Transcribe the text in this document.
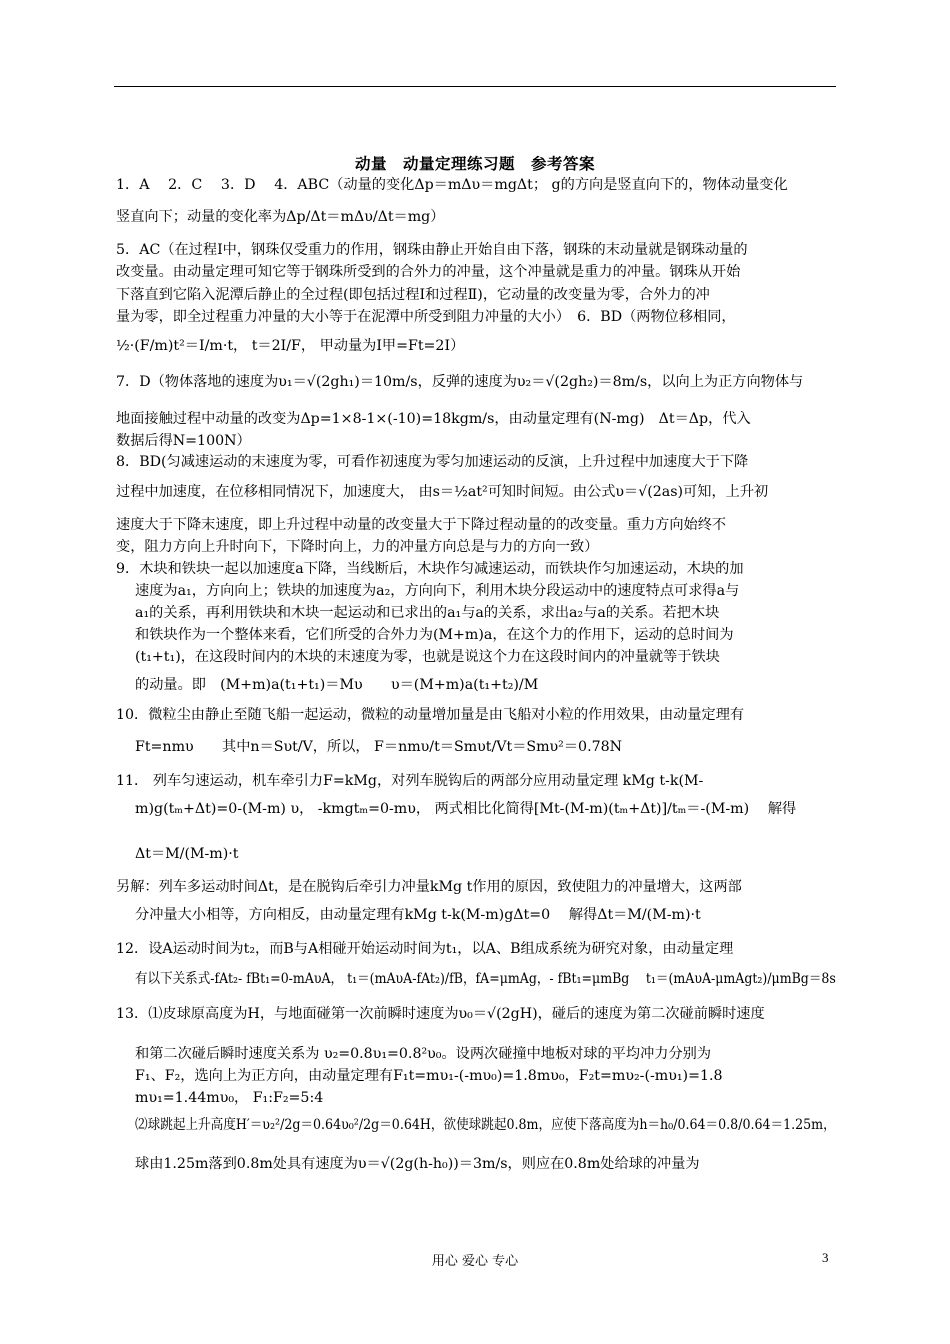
动量　动量定理练习题　参考答案
1．A　 2．C　 3．D　 4．ABC（动量的变化Δp＝mΔυ＝mgΔt； g的方向是竖直向下的，物体动量变化
竖直向下；动量的变化率为Δp/Δt＝mΔυ/Δt＝mg）
5．AC（在过程Ⅰ中，钢珠仅受重力的作用，钢珠由静止开始自由下落，钢珠的末动量就是钢珠动量的
改变量。由动量定理可知它等于钢珠所受到的合外力的冲量，这个冲量就是重力的冲量。钢珠从开始
下落直到它陷入泥潭后静止的全过程(即包括过程Ⅰ和过程Ⅱ)，它动量的改变量为零，合外力的冲
量为零，即全过程重力冲量的大小等于在泥潭中所受到阻力冲量的大小）　6．BD（两物位移相同，
½·(F/m)t²＝I/m·t， t＝2I/F， 甲动量为I甲=Ft=2I）
7．D（物体落地的速度为υ₁＝√(2gh₁)＝10m/s，反弹的速度为υ₂＝√(2gh₂)＝8m/s，以向上为正方向物体与
地面接触过程中动量的改变为Δp=1×8-1×(-10)=18kgm/s，由动量定理有(N-mg)　Δt＝Δp，代入
数据后得N=100N）
8．BD(匀减速运动的末速度为零，可看作初速度为零匀加速运动的反演，上升过程中加速度大于下降
过程中加速度，在位移相同情况下，加速度大， 由s＝½at²可知时间短。由公式υ＝√(2as)可知，上升初
速度大于下降末速度，即上升过程中动量的改变量大于下降过程动量的的改变量。重力方向始终不
变，阻力方向上升时向下，下降时向上，力的冲量方向总是与力的方向一致）
9．木块和铁块一起以加速度a下降，当线断后，木块作匀减速运动，而铁块作匀加速运动，木块的加
速度为a₁，方向向上；铁块的加速度为a₂，方向向下，利用木块分段运动中的速度特点可求得a与
a₁的关系，再利用铁块和木块一起运动和已求出的a₁与a的关系，求出a₂与a的关系。若把木块
和铁块作为一个整体来看，它们所受的合外力为(M+m)a，在这个力的作用下，运动的总时间为
(t₁+t₁)，在这段时间内的木块的末速度为零，也就是说这个力在这段时间内的冲量就等于铁块
的动量。即　(M+m)a(t₁+t₁)＝Mυ　　υ＝(M+m)a(t₁+t₂)/M
10．微粒尘由静止至随飞船一起运动，微粒的动量增加量是由飞船对小粒的作用效果，由动量定理有
Ft=nmυ　　其中n＝Sυt/V，所以， F＝nmυ/t＝Smυt/Vt＝Smυ²＝0.78N
11． 列车匀速运动，机车牵引力F=kMg，对列车脱钩后的两部分应用动量定理 kMg t-k(M-
m)g(tₘ+Δt)=0-(M-m) υ， -kmgtₘ=0-mυ， 两式相比化简得[Mt-(M-m)(tₘ+Δt)]/tₘ＝-(M-m)　 解得
Δt＝M/(M-m)·t
另解：列车多运动时间Δt，是在脱钩后牵引力冲量kMg t作用的原因，致使阻力的冲量增大，这两部
分冲量大小相等，方向相反，由动量定理有kMg t-k(M-m)gΔt=0　 解得Δt＝M/(M-m)·t
12．设A运动时间为t₂，而B与A相碰开始运动时间为t₁，以A、B组成系统为研究对象，由动量定理
有以下关系式-fAt₂- fBt₁=0-mAυA， t₁＝(mAυA-fAt₂)/fB，fA=μmAg，- fBt₁=μmBg　 t₁＝(mAυA-μmAgt₂)/μmBg＝8s
13．⑴皮球原高度为H，与地面碰第一次前瞬时速度为υ₀＝√(2gH)，碰后的速度为第二次碰前瞬时速度
和第二次碰后瞬时速度关系为 υ₂=0.8υ₁=0.8²υ₀。设两次碰撞中地板对球的平均冲力分别为
F₁、F₂，选向上为正方向，由动量定理有F₁t=mυ₁-(-mυ₀)=1.8mυ₀，F₂t=mυ₂-(-mυ₁)=1.8
mυ₁=1.44mυ₀， F₁:F₂=5:4
⑵球跳起上升高度H′＝υ₂²/2g＝0.64υ₀²/2g＝0.64H，欲使球跳起0.8m，应使下落高度为h＝h₀/0.64＝0.8/0.64＝1.25m，
球由1.25m落到0.8m处具有速度为υ＝√(2g(h-h₀))＝3m/s，则应在0.8m处给球的冲量为
用心 爱心 专心	3
